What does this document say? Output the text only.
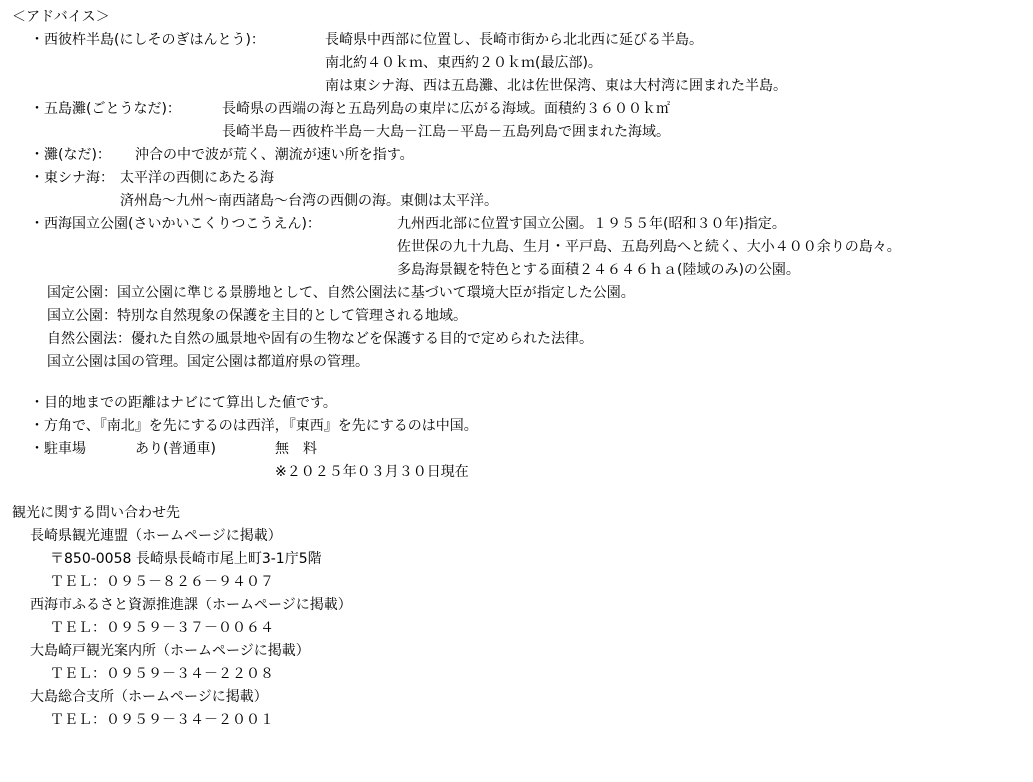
＜アドバイス＞
・西彼杵半島(にしそのぎはんとう)：	長崎県中西部に位置し、長崎市街から北北西に延びる半島。
南北約４０ｋｍ、東西約２０ｋｍ(最広部)。
南は東シナ海、西は五島灘、北は佐世保湾、東は大村湾に囲まれた半島。
・五島灘(ごとうなだ)：	長崎県の西端の海と五島列島の東岸に広がる海域。面積約３６００ｋ㎡
長崎半島－西彼杵半島－大島－江島－平島－五島列島で囲まれた海域。
・灘(なだ)： 沖合の中で波が荒く、潮流が速い所を指す。
・東シナ海： 太平洋の西側にあたる海
済州島～九州～南西諸島～台湾の西側の海。東側は太平洋。
・西海国立公園(さいかいこくりつこうえん)：	九州西北部に位置す国立公園。１９５５年(昭和３０年)指定。
佐世保の九十九島、生月・平戸島、五島列島へと続く、大小４００余りの島々。
多島海景観を特色とする面積２４６４６ｈａ(陸域のみ)の公園。
国定公園：国立公園に準じる景勝地として、自然公園法に基づいて環境大臣が指定した公園。
国立公園：特別な自然現象の保護を主目的として管理される地域。
自然公園法：優れた自然の風景地や固有の生物などを保護する目的で定められた法律。
国立公園は国の管理。国定公園は都道府県の管理。
・目的地までの距離はナビにて算出した値です。
・方角で、『南北』を先にするのは西洋，『東西』を先にするのは中国。
・駐車場	あり(普通車)	無　料
※２０２５年０３月３０日現在
観光に関する問い合わせ先
長崎県観光連盟（ホームページに掲載）
〒850-0058 長崎県長崎市尾上町3-1庁5階
ＴＥＬ：０９５－８２６－９４０７
西海市ふるさと資源推進課（ホームページに掲載）
ＴＥＬ：０９５９－３７－００６４
大島崎戸観光案内所（ホームページに掲載）
ＴＥＬ：０９５９－３４－２２０８
大島総合支所（ホームページに掲載）
ＴＥＬ：０９５９－３４－２００１
